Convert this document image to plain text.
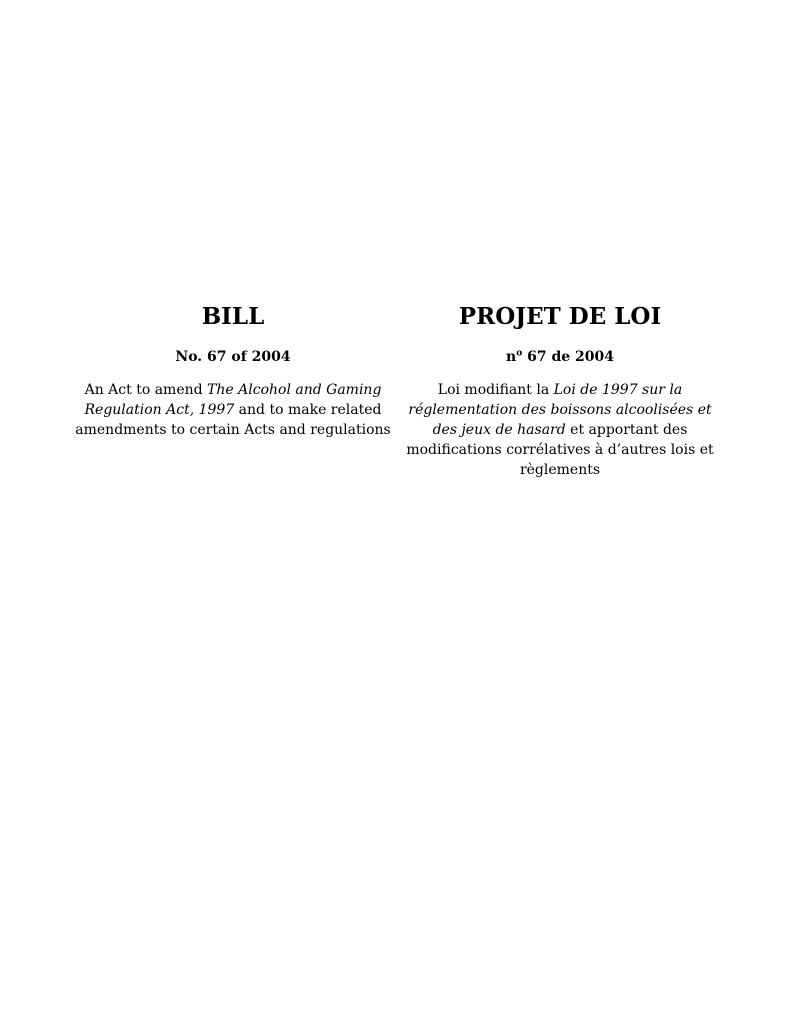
BILL

No. 67 of 2004

An Act to amend The Alcohol and Gaming Regulation Act, 1997 and to make related amendments to certain Acts and regulations

PROJET DE LOI

$n^o$ 67 de 2004

Loi modifiant la Loi de 1997 sur la réglementation des boissons alcoolisées et des jeux de hasard et apportant des modifications corrélatives à d’autres lois et règlements
